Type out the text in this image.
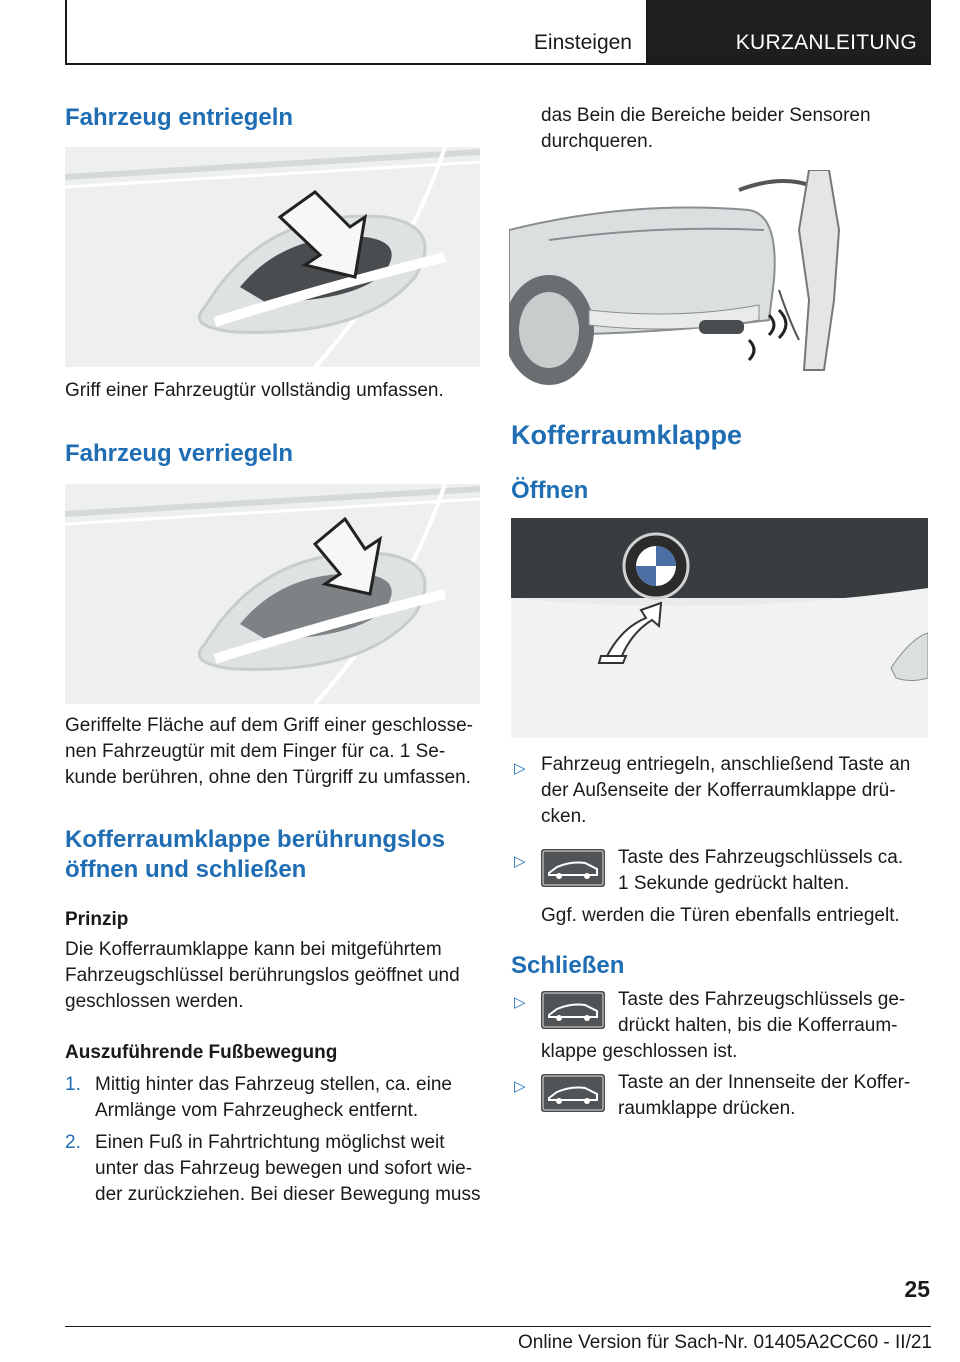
Einsteigen	KURZANLEITUNG
Fahrzeug entriegeln

Griff einer Fahrzeugtür vollständig umfassen.

Fahrzeug verriegeln

Geriffelte Fläche auf dem Griff einer geschlosse-

nen Fahrzeugtür mit dem Finger für ca. 1 Se-

kunde berühren, ohne den Türgriff zu umfassen.

Kofferraumklappe berührungslos

öffnen und schließen

Prinzip

Die Kofferraumklappe kann bei mitgeführtem

Fahrzeugschlüssel berührungslos geöffnet und

geschlossen werden.

Auszuführende Fußbewegung

1. Mittig hinter das Fahrzeug stellen, ca. eine

Armlänge vom Fahrzeugheck entfernt.

2. Einen Fuß in Fahrtrichtung möglichst weit

unter das Fahrzeug bewegen und sofort wie-

der zurückziehen. Bei dieser Bewegung muss

das Bein die Bereiche beider Sensoren

durchqueren.

Kofferraumklappe
Öffnen
▷ Fahrzeug entriegeln, anschließend Taste an

der Außenseite der Kofferraumklappe drü-

cken.

▷	Taste des Fahrzeugschlüssels ca.

1 Sekunde gedrückt halten.

Ggf. werden die Türen ebenfalls entriegelt.

Schließen
▷	Taste des Fahrzeugschlüssels ge-

drückt halten, bis die Kofferraum-

klappe geschlossen ist.

▷	Taste an der Innenseite der Koffer-

raumklappe drücken.

25
Online Version für Sach-Nr. 01405A2CC60 - II/21
